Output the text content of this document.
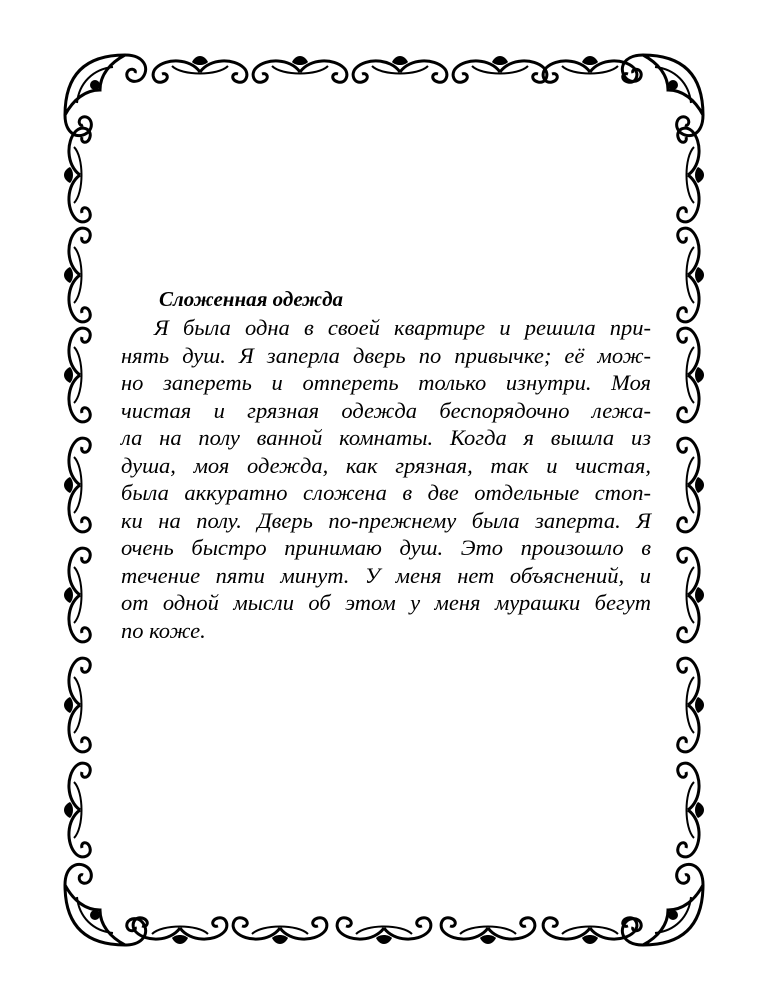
Сложенная одежда
Я была одна в своей квартире и решила при-
нять душ. Я заперла дверь по привычке; её мож-
но запереть и отпереть только изнутри. Моя
чистая и грязная одежда беспорядочно лежа-
ла на полу ванной комнаты. Когда я вышла из
душа, моя одежда, как грязная, так и чистая,
была аккуратно сложена в две отдельные стоп-
ки на полу. Дверь по-прежнему была заперта. Я
очень быстро принимаю душ. Это произошло в
течение пяти минут. У меня нет объяснений, и
от одной мысли об этом у меня мурашки бегут
по коже.
